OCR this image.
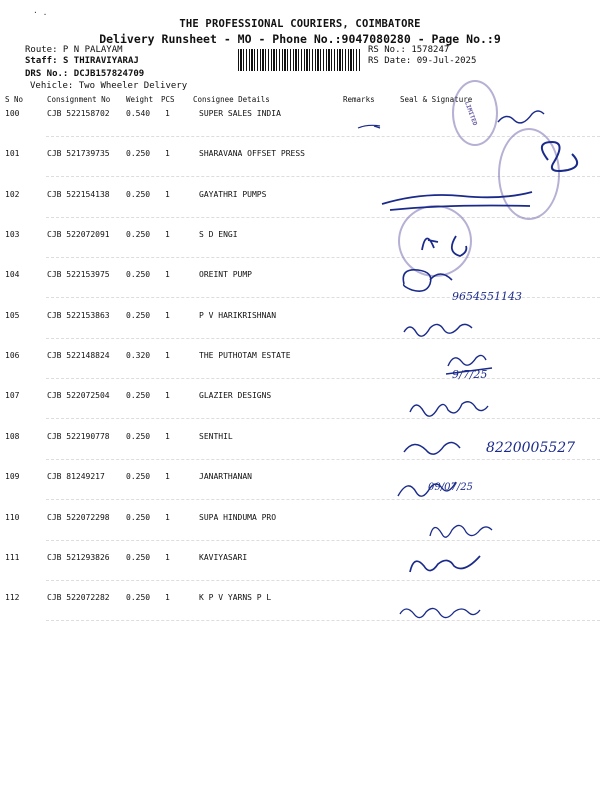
· .
THE PROFESSIONAL COURIERS, COIMBATORE
Delivery Runsheet - MO - Phone No.:9047080280 - Page No.:9
Route: P N PALAYAM
Staff: S THIRAVIYARAJ
DRS No.: DCJB157824709
Vehicle: Two Wheeler Delivery
RS No.: 1578247
RS Date: 09-Jul-2025
S No	Consignment No Weight PCS Consignee Details	Remarks	Seal & Signature
100	CJB 522158702 0.540 1	SUPER SALES INDIA
101	CJB 521739735 0.250 1	SHARAVANA OFFSET PRESS
102	CJB 522154138 0.250 1	GAYATHRI PUMPS
103	CJB 522072091 0.250 1	S D ENGI
104	CJB 522153975 0.250 1	OREINT PUMP
105	CJB 522153863 0.250 1	P V HARIKRISHNAN
106	CJB 522148824 0.320 1	THE PUTHOTAM ESTATE
107	CJB 522072504 0.250 1	GLAZIER DESIGNS
108	CJB 522190778 0.250 1	SENTHIL
109	CJB 81249217	0.250 1	JANARTHANAN
110	CJB 522072298 0.250 1	SUPA HINDUMA PRO
111	CJB 521293826 0.250 1	KAVIYASARI
112	CJB 522072282 0.250 1	K P V YARNS P L
LIMITED
9654551143
9/7/25
8220005527
09/07/25
